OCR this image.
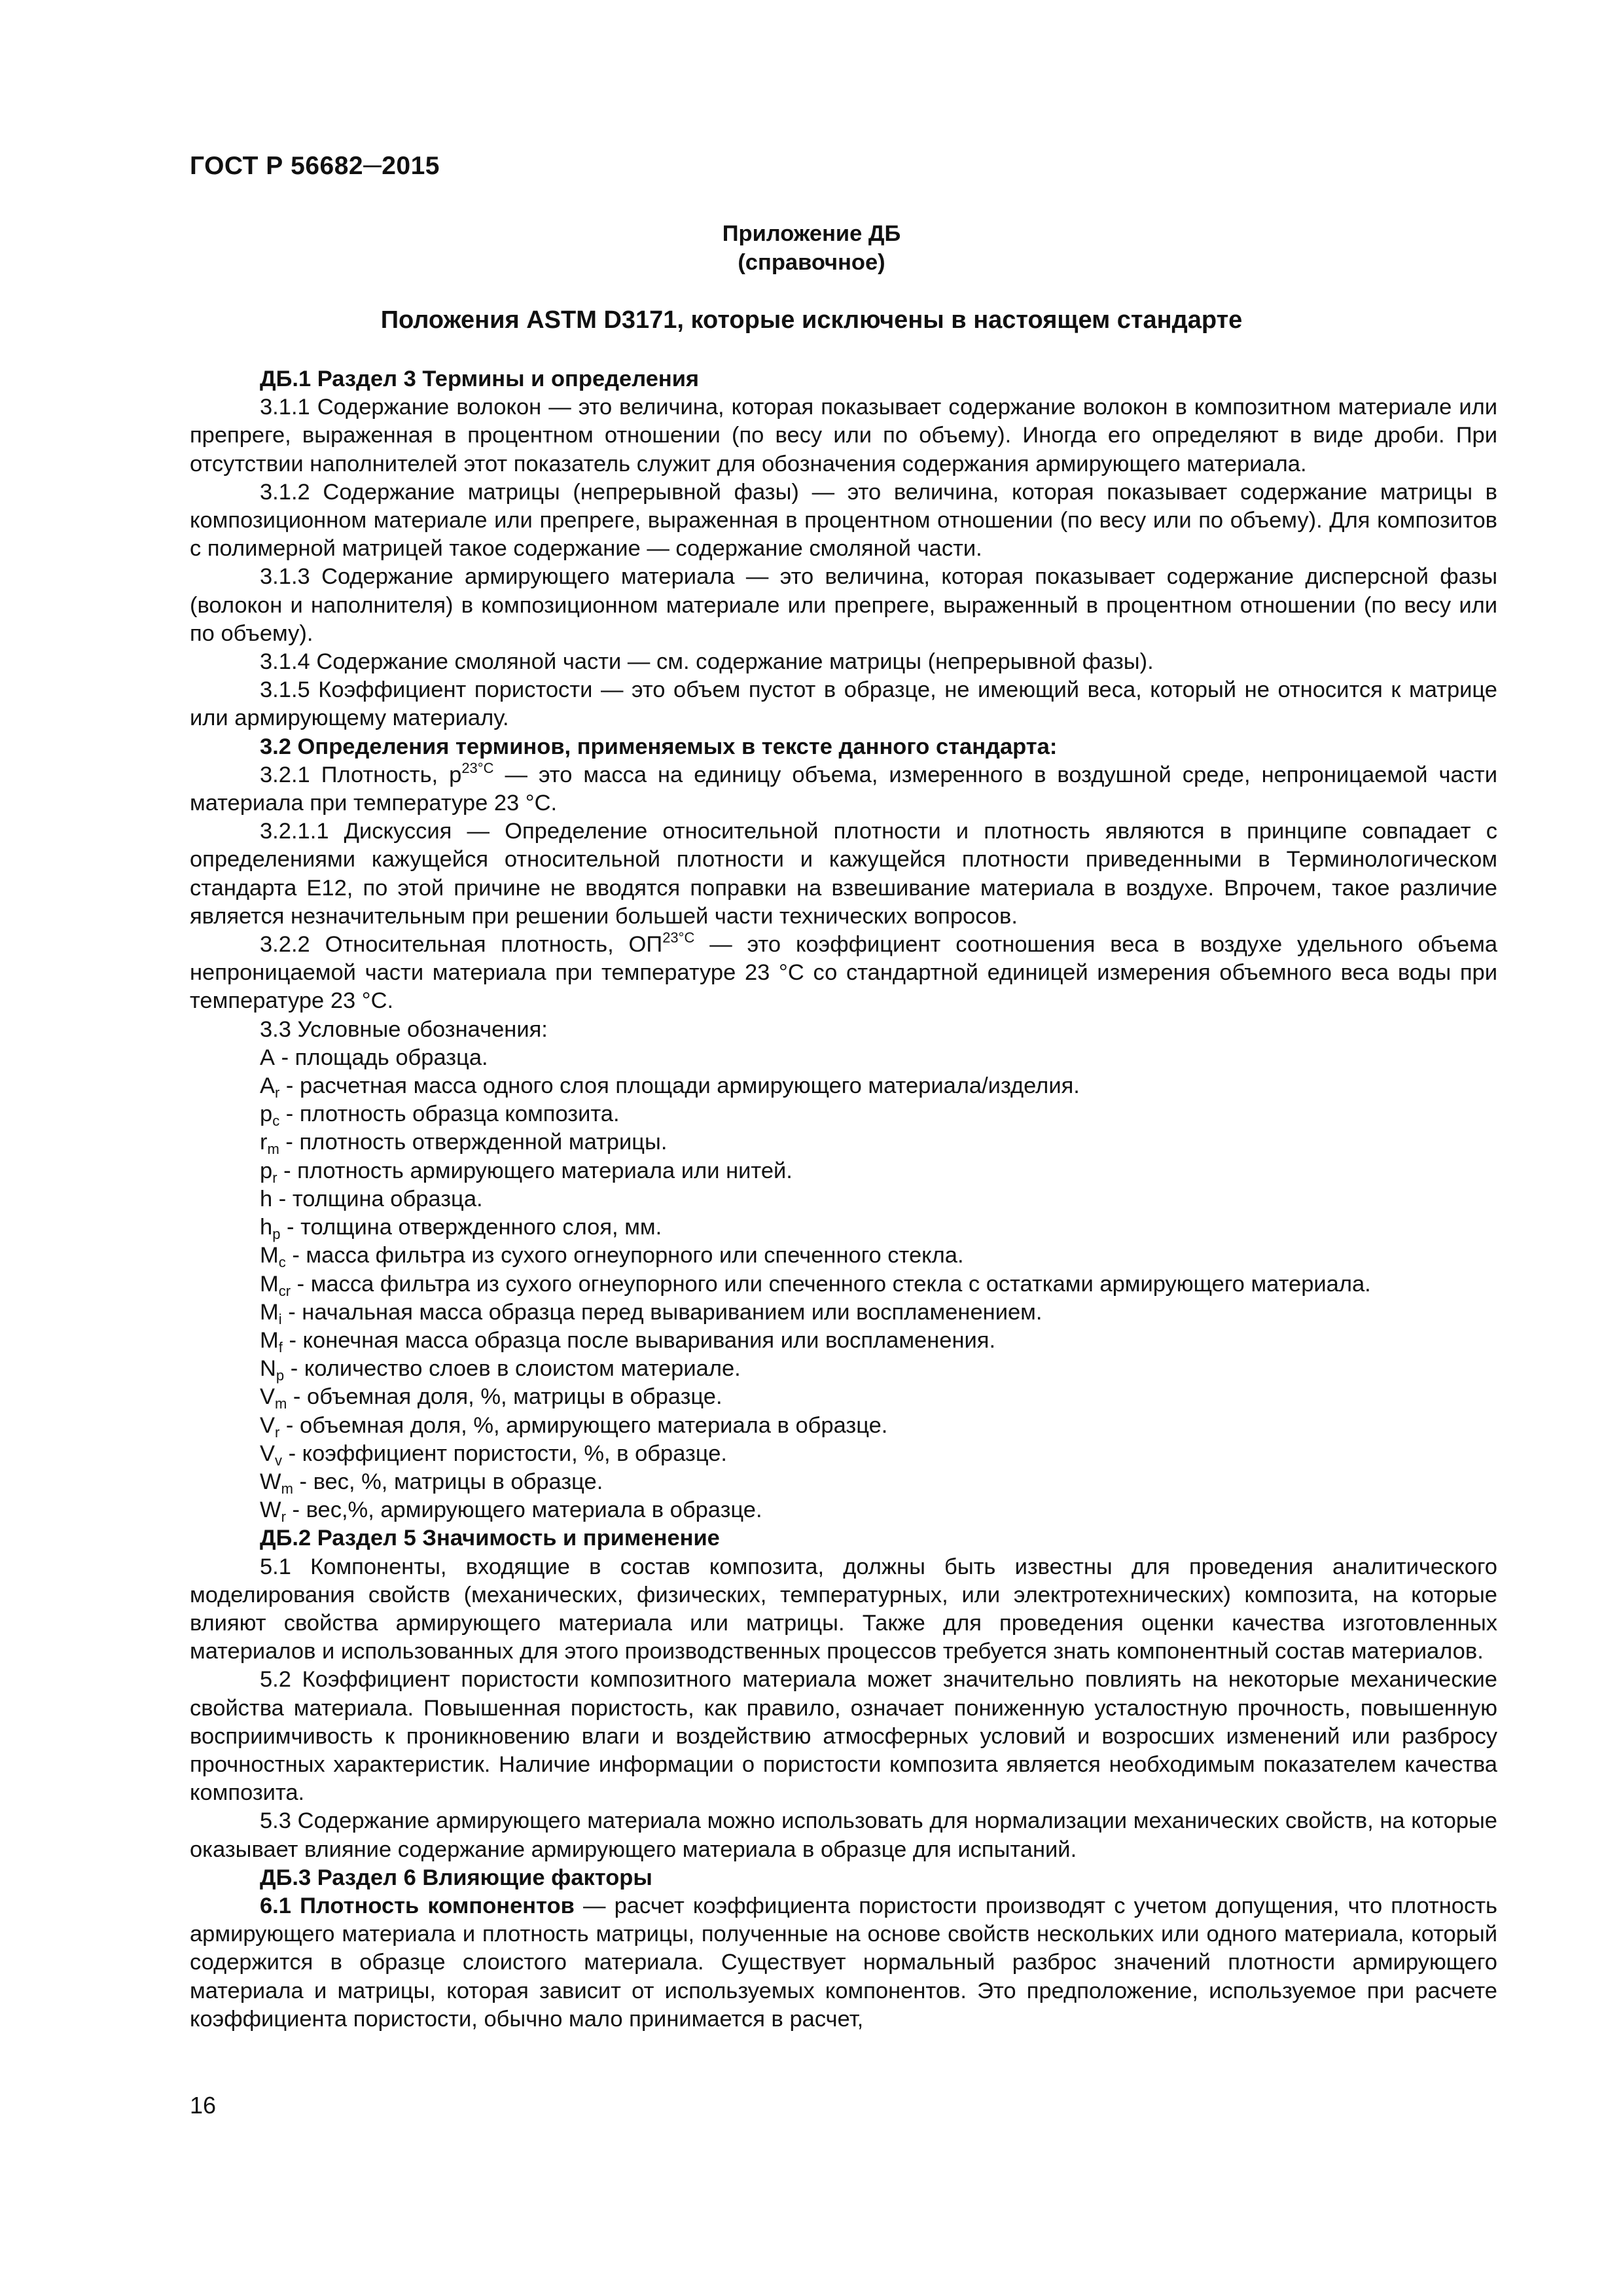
ГОСТ Р 56682─2015
Приложение ДБ
(справочное)
Положения ASTM D3171, которые исключены в настоящем стандарте

ДБ.1 Раздел 3 Термины и определения

3.1.1 Содержание волокон — это величина, которая показывает содержание волокон в композитном материале или препреге, выраженная в процентном отношении (по весу или по объему). Иногда его определяют в виде дроби. При отсутствии наполнителей этот показатель служит для обозначения содержания армирующего материала.

3.1.2 Содержание матрицы (непрерывной фазы) — это величина, которая показывает содержание матрицы в композиционном материале или препреге, выраженная в процентном отношении (по весу или по объему). Для композитов с полимерной матрицей такое содержание — содержание смоляной части.

3.1.3 Содержание армирующего материала — это величина, которая показывает содержание дисперсной фазы (волокон и наполнителя) в композиционном материале или препреге, выраженный в процентном отношении (по весу или по объему).

3.1.4 Содержание смоляной части — см. содержание матрицы (непрерывной фазы).

3.1.5 Коэффициент пористости — это объем пустот в образце, не имеющий веса, который не относится к матрице или армирующему материалу.

3.2 Определения терминов, применяемых в тексте данного стандарта:

3.2.1 Плотность, $р^{23^\circ C}$ — это масса на единицу объема, измеренного в воздушной среде, непроницаемой части материала при температуре 23 °C.

3.2.1.1 Дискуссия — Определение относительной плотности и плотность являются в принципе совпадает с определениями кажущейся относительной плотности и кажущейся плотности приведенными в Терминологическом стандарта E12, по этой причине не вводятся поправки на взвешивание материала в воздухе. Впрочем, такое различие является незначительным при решении большей части технических вопросов.

3.2.2 Относительная плотность, $ОП^{23^\circ C}$ — это коэффициент соотношения веса в воздухе удельного объема непроницаемой части материала при температуре 23 °C со стандартной единицей измерения объемного веса воды при температуре 23 °C.

3.3 Условные обозначения:

A - площадь образца.

$A_r$ - расчетная масса одного слоя площади армирующего материала/изделия.

$p_c$ - плотность образца композита.

$r_m$ - плотность отвержденной матрицы.

$p_r$ - плотность армирующего материала или нитей.

h - толщина образца.

$h_p$ - толщина отвержденного слоя, мм.

$M_c$ - масса фильтра из сухого огнеупорного или спеченного стекла.

$M_{cr}$ - масса фильтра из сухого огнеупорного или спеченного стекла с остатками армирующего материала.

$M_i$ - начальная масса образца перед вывариванием или воспламенением.

$M_f$ - конечная масса образца после вываривания или воспламенения.

$N_p$ - количество слоев в слоистом материале.

$V_m$ - объемная доля, %, матрицы в образце.

$V_r$ - объемная доля, %, армирующего материала в образце.

$V_v$ - коэффициент пористости, %, в образце.

$W_m$ - вес, %, матрицы в образце.

$W_r - вес,\%$, армирующего материала в образце.

ДБ.2 Раздел 5 Значимость и применение

5.1 Компоненты, входящие в состав композита, должны быть известны для проведения аналитического моделирования свойств (механических, физических, температурных, или электротехнических) композита, на которые влияют свойства армирующего материала или матрицы. Также для проведения оценки качества изготовленных материалов и использованных для этого производственных процессов требуется знать компонентный состав материалов.

5.2 Коэффициент пористости композитного материала может значительно повлиять на некоторые механические свойства материала. Повышенная пористость, как правило, означает пониженную усталостную прочность, повышенную восприимчивость к проникновению влаги и воздействию атмосферных условий и возросших изменений или разбросу прочностных характеристик. Наличие информации о пористости композита является необходимым показателем качества композита.

5.3 Содержание армирующего материала можно использовать для нормализации механических свойств, на которые оказывает влияние содержание армирующего материала в образце для испытаний.

ДБ.3 Раздел 6 Влияющие факторы

6.1 Плотность компонентов — расчет коэффициента пористости производят с учетом допущения, что плотность армирующего материала и плотность матрицы, полученные на основе свойств нескольких или одного материала, который содержится в образце слоистого материала. Существует нормальный разброс значений плотности армирующего материала и матрицы, которая зависит от используемых компонентов. Это предположение, используемое при расчете коэффициента пористости, обычно мало принимается в расчет,

16
